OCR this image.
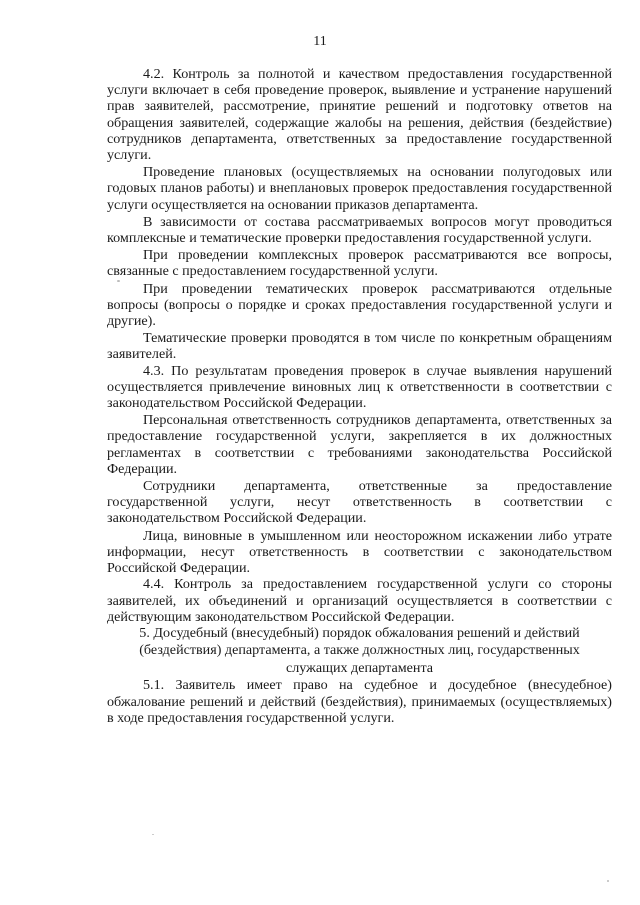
11

4.2. Контроль за полнотой и качеством предоставления государственной услуги включает в себя проведение проверок, выявление и устранение нарушений прав заявителей, рассмотрение, принятие решений и подготовку ответов на обращения заявителей, содержащие жалобы на решения, действия (бездействие) сотрудников департамента, ответственных за предоставление государственной услуги.

Проведение плановых (осуществляемых на основании полугодовых или годовых планов работы) и внеплановых проверок предоставления государственной услуги осуществляется на основании приказов департамента.

В зависимости от состава рассматриваемых вопросов могут проводиться комплексные и тематические проверки предоставления государственной услуги.

При проведении комплексных проверок рассматриваются все вопросы, связанные с предоставлением государственной услуги.

При проведении тематических проверок рассматриваются отдельные вопросы (вопросы о порядке и сроках предоставления государственной услуги и другие).

Тематические проверки проводятся в том числе по конкретным обращениям заявителей.

4.3. По результатам проведения проверок в случае выявления нарушений осуществляется привлечение виновных лиц к ответственности в соответствии с законодательством Российской Федерации.

Персональная ответственность сотрудников департамента, ответственных за предоставление государственной услуги, закрепляется в их должностных регламентах в соответствии с требованиями законодательства Российской Федерации.

Сотрудники департамента, ответственные за предоставление государственной услуги, несут ответственность в соответствии с законодательством Российской Федерации.

Лица, виновные в умышленном или неосторожном искажении либо утрате информации, несут ответственность в соответствии с законодательством Российской Федерации.

4.4. Контроль за предоставлением государственной услуги со стороны заявителей, их объединений и организаций осуществляется в соответствии с действующим законодательством Российской Федерации.

5. Досудебный (внесудебный) порядок обжалования решений и действий (бездействия) департамента, а также должностных лиц, государственных служащих департамента

5.1. Заявитель имеет право на судебное и досудебное (внесудебное) обжалование решений и действий (бездействия), принимаемых (осуществляемых) в ходе предоставления государственной услуги.
